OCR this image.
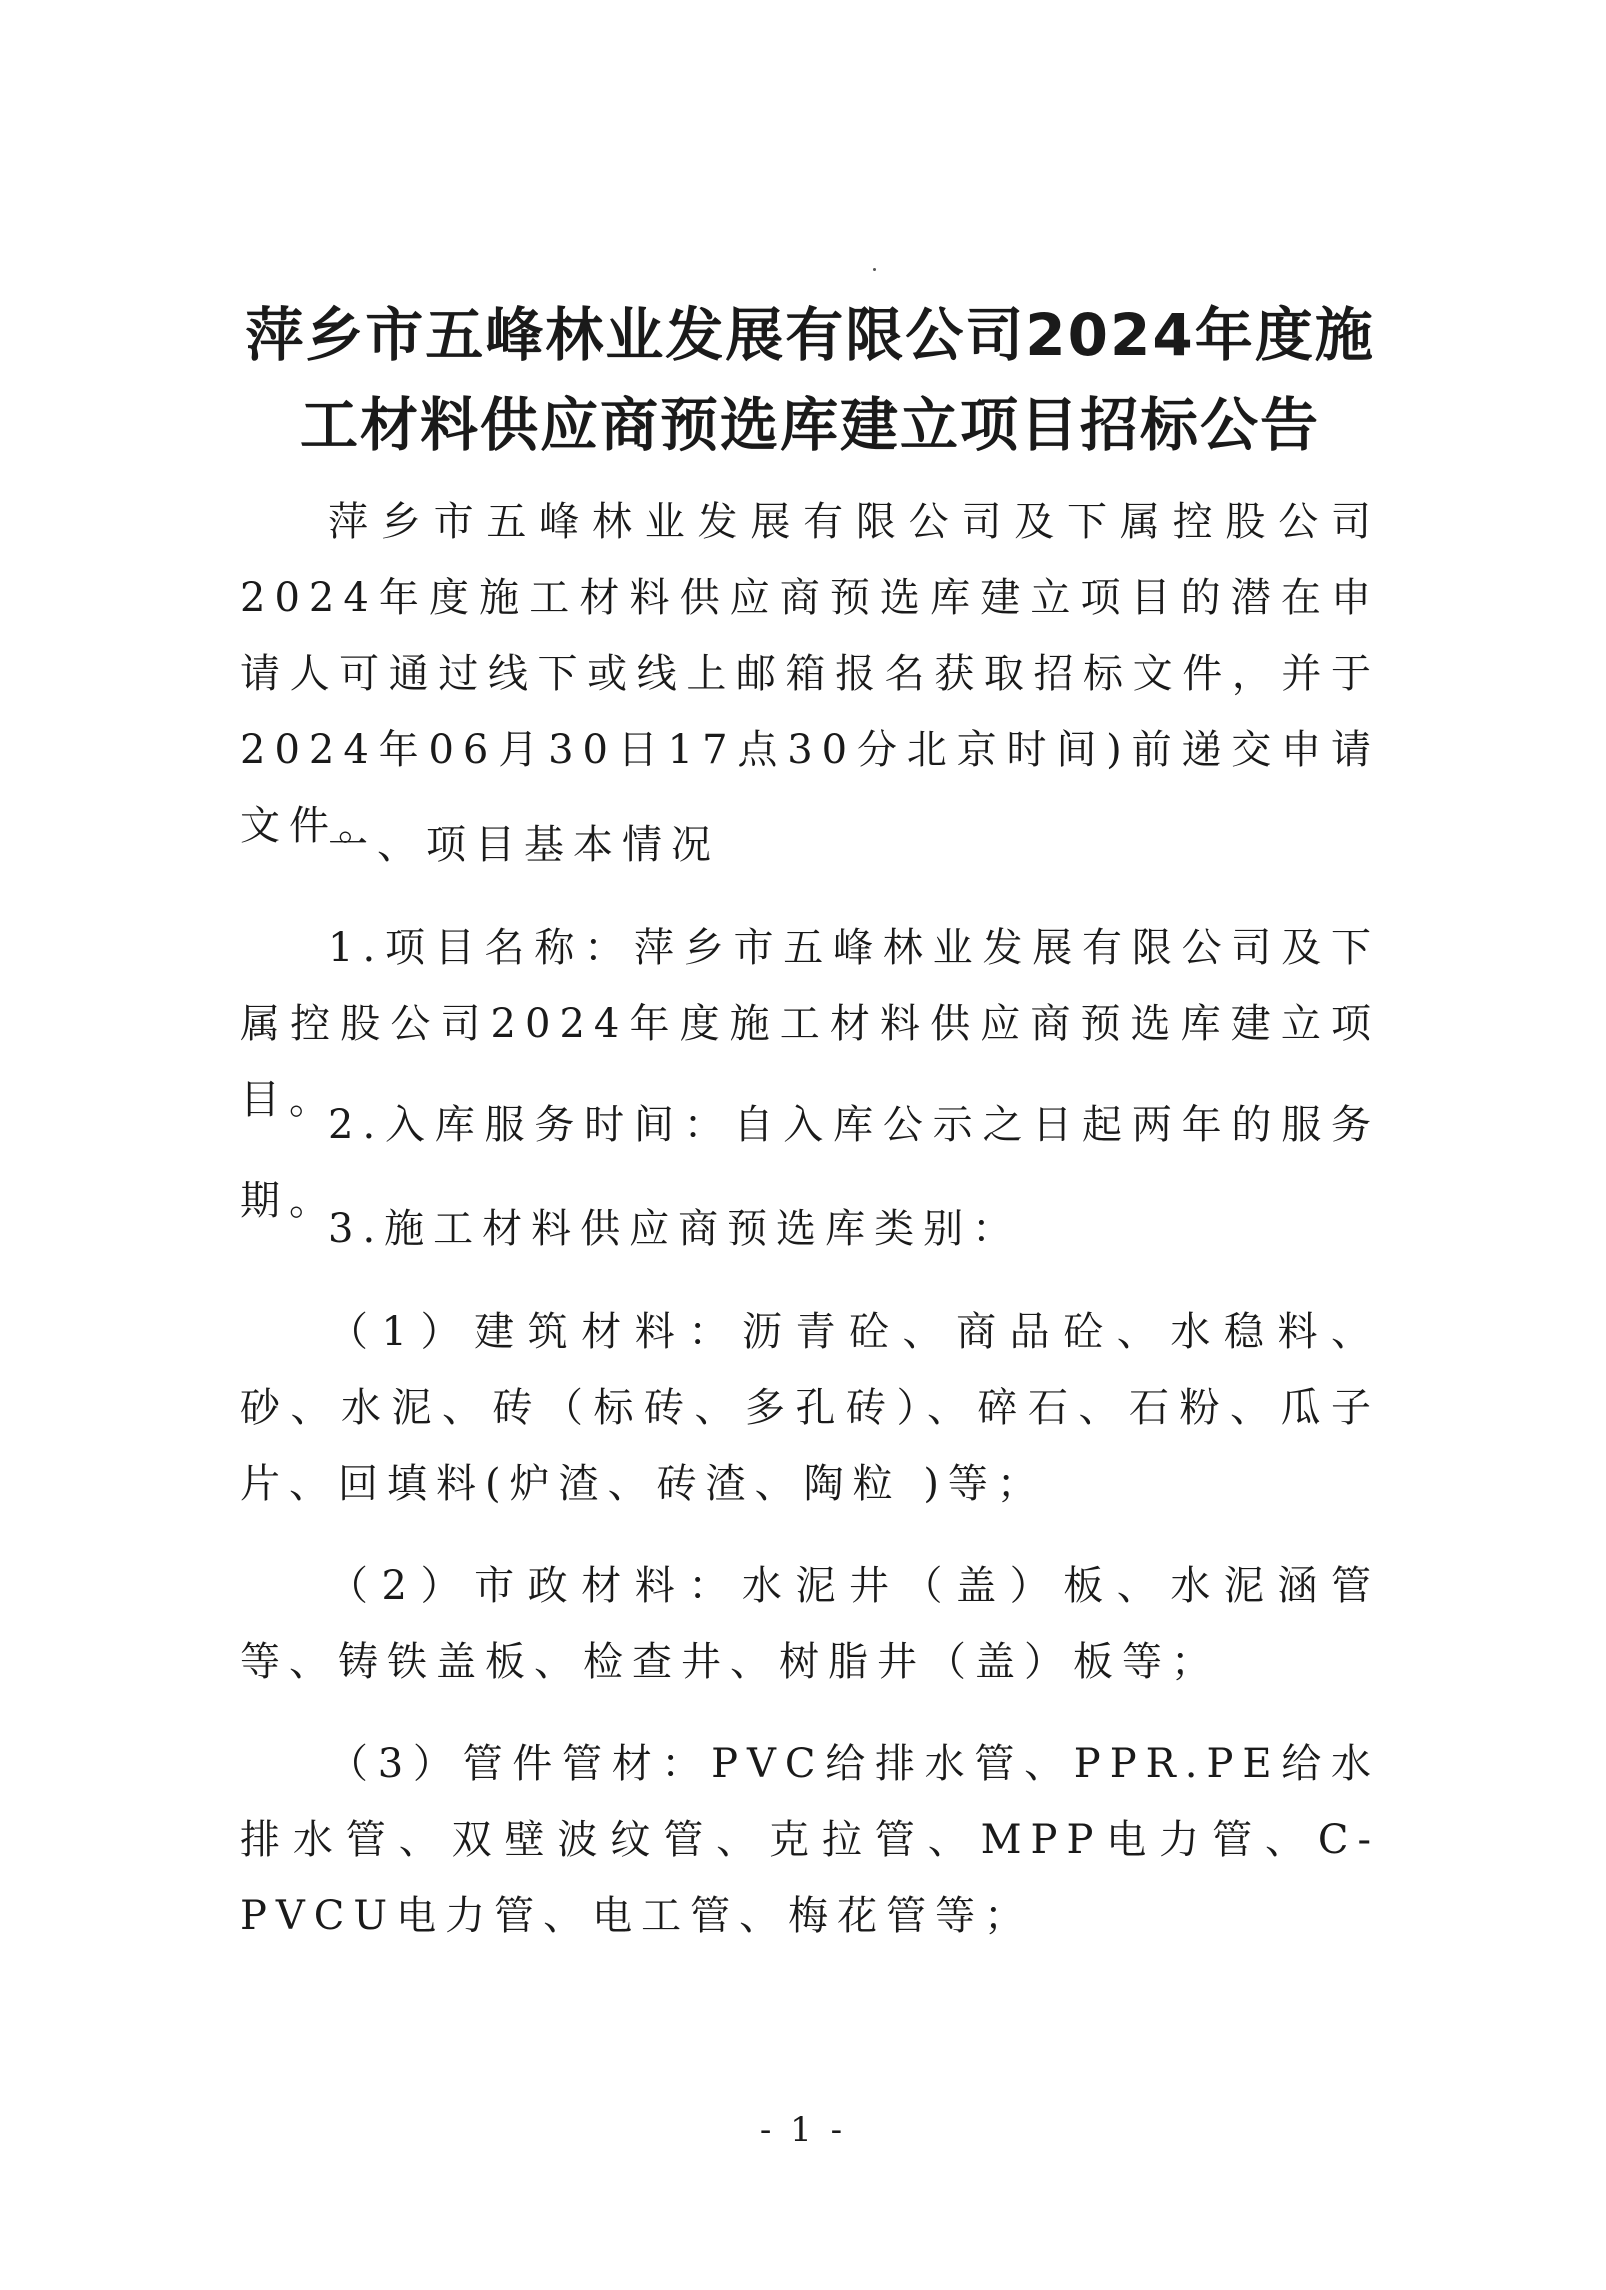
萍乡市五峰林业发展有限公司2024年度施
工材料供应商预选库建立项目招标公告

萍乡市五峰林业发展有限公司及下属控股公司2024年度施工材料供应商预选库建立项目的潜在申请人可通过线下或线上邮箱报名获取招标文件，并于2024年06月30日17点30分北京时间)前递交申请文件。

一、项目基本情况

1.项目名称：萍乡市五峰林业发展有限公司及下属控股公司2024年度施工材料供应商预选库建立项目。

2.入库服务时间：自入库公示之日起两年的服务期。

3.施工材料供应商预选库类别：

（1）建筑材料：沥青砼、商品砼、水稳料、砂、水泥、砖（标砖、多孔砖）、碎石、石粉、瓜子片、回填料(炉渣、砖渣、陶粒 )等；

（2）市政材料：水泥井（盖）板、水泥涵管等、铸铁盖板、检查井、树脂井（盖）板等；

（3）管件管材：PVC给排水管、PPR.PE给水排水管、双壁波纹管、克拉管、MPP电力管、C-PVCU电力管、电工管、梅花管等；

- 1 -
